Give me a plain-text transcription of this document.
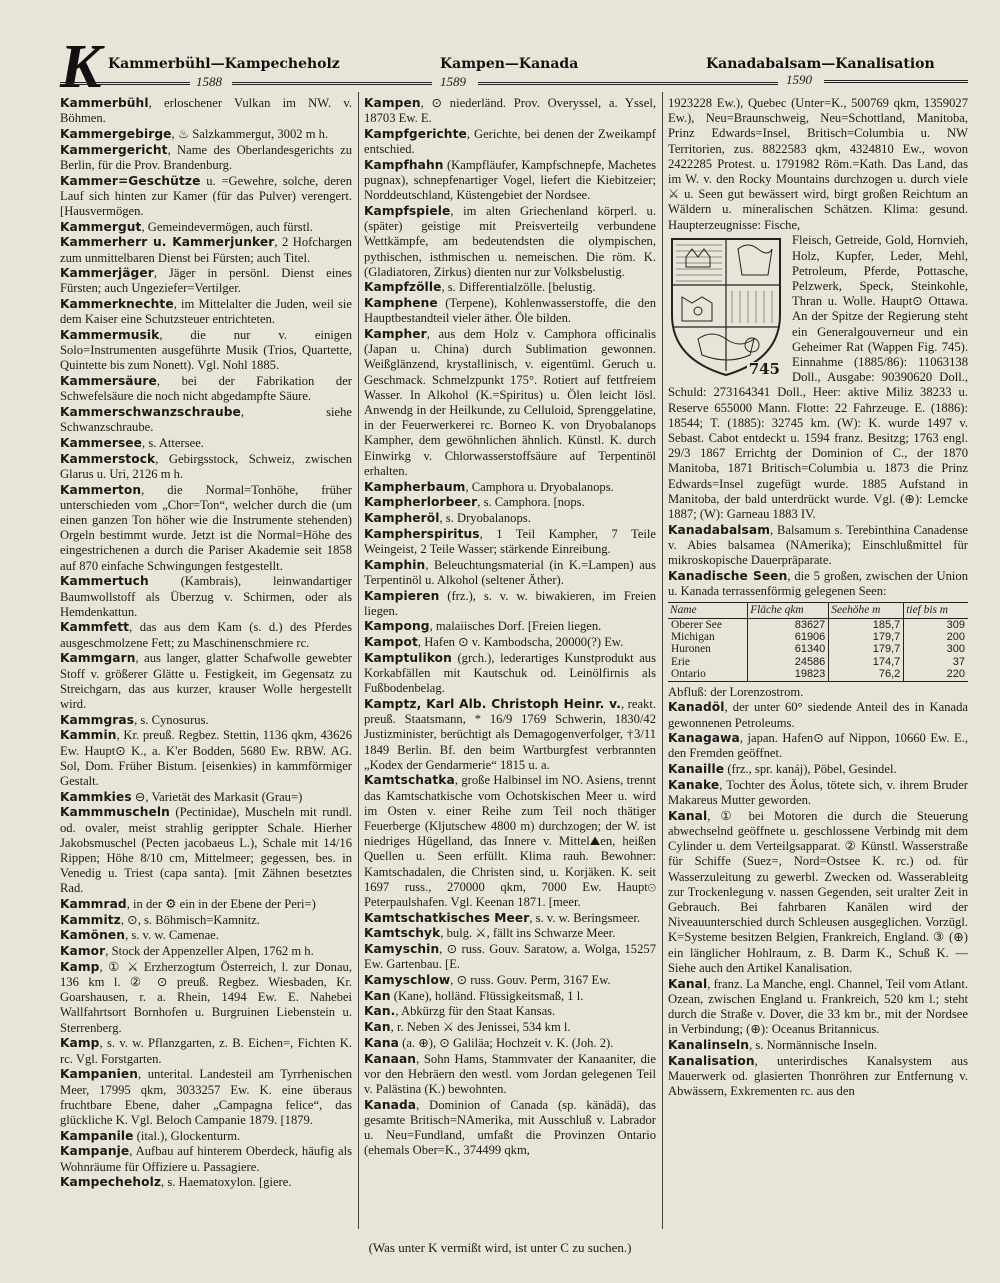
K Kammerbühl—Kampecheholz	Kampen—Kanada	Kanadabalsam—Kanalisation
1588	1589	1590

Kammerbühl, erloschener Vulkan im NW. v. Böhmen.

Kammergebirge, ♨ Salzkammergut, 3002 m h.

Kammergericht, Name des Oberlandesgerichts zu Berlin, für die Prov. Brandenburg.

Kammer=Geschütze u. =Gewehre, solche, deren Lauf sich hinten zur Kamer (für das Pulver) verengert. [Hausvermögen.

Kammergut, Gemeindevermögen, auch fürstl.

Kammerherr u. Kammerjunker, 2 Hofchargen zum unmittelbaren Dienst bei Fürsten; auch Titel.

Kammerjäger, Jäger in persönl. Dienst eines Fürsten; auch Ungeziefer=Vertilger.

Kammerknechte, im Mittelalter die Juden, weil sie dem Kaiser eine Schutzsteuer entrichteten.

Kammermusik, die nur v. einigen Solo=Instrumenten ausgeführte Musik (Trios, Quartette, Quintette bis zum Nonett). Vgl. Nohl 1885.

Kammersäure, bei der Fabrikation der Schwefelsäure die noch nicht abgedampfte Säure.

Kammerschwanzschraube, siehe Schwanzschraube.

Kammersee, s. Attersee.

Kammerstock, Gebirgsstock, Schweiz, zwischen Glarus u. Uri, 2126 m h.

Kammerton, die Normal=Tonhöhe, früher unterschieden vom „Chor=Ton“, welcher durch die (um einen ganzen Ton höher wie die Instrumente stehenden) Orgeln bestimmt wurde. Jetzt ist die Normal=Höhe des eingestrichenen a durch die Pariser Akademie seit 1858 auf 870 einfache Schwingungen festgestellt.

Kammertuch (Kambrais), leinwandartiger Baumwollstoff als Überzug v. Schirmen, oder als Hemdenkattun.

Kammfett, das aus dem Kam (s. d.) des Pferdes ausgeschmolzene Fett; zu Maschinenschmiere rc.

Kammgarn, aus langer, glatter Schafwolle gewebter Stoff v. größerer Glätte u. Festigkeit, im Gegensatz zu Streichgarn, das aus kurzer, krauser Wolle hergestellt wird.

Kammgras, s. Cynosurus.

Kammin, Kr. preuß. Regbez. Stettin, 1136 qkm, 43626 Ew. Haupt⊙ K., a. K'er Bodden, 5680 Ew. RBW. AG. Sol, Dom. Früher Bistum. [eisenkies) in kammförmiger Gestalt.

Kammkies ⊖, Varietät des Markasit (Grau=)

Kammmuscheln (Pectinidae), Muscheln mit rundl. od. ovaler, meist strahlig gerippter Schale. Hierher Jakobsmuschel (Pecten jacobaeus L.), Schale mit 14/16 Rippen; Höhe 8/10 cm, Mittelmeer; gegessen, bes. in Venedig u. Triest (capa santa). [mit Zähnen besetztes Rad.

Kammrad, in der ⚙ ein in der Ebene der Peri=)

Kammitz, ⊙, s. Böhmisch=Kamnitz.

Kamönen, s. v. w. Camenae.

Kamor, Stock der Appenzeller Alpen, 1762 m h.

Kamp, ① ⚔ Erzherzogtum Österreich, l. zur Donau, 136 km l. ② ⊙ preuß. Regbez. Wiesbaden, Kr. Goarshausen, r. a. Rhein, 1494 Ew. E. Nahebei Wallfahrtsort Bornhofen u. Burgruinen Liebenstein u. Sterrenberg.

Kamp, s. v. w. Pflanzgarten, z. B. Eichen=, Fichten K. rc. Vgl. Forstgarten.

Kampanien, unterital. Landesteil am Tyrrhenischen Meer, 17995 qkm, 3033257 Ew. K. eine überaus fruchtbare Ebene, daher „Campagna felice“, das glückliche K. Vgl. Beloch Campanie 1879. [1879.

Kampanile (ital.), Glockenturm.

Kampanje, Aufbau auf hinterem Oberdeck, häufig als Wohnräume für Offiziere u. Passagiere.

Kampecheholz, s. Haematoxylon. [giere.

Kampen, ⊙ niederländ. Prov. Overyssel, a. Yssel, 18703 Ew. E.

Kampfgerichte, Gerichte, bei denen der Zweikampf entschied.

Kampfhahn (Kampfläufer, Kampfschnepfe, Machetes pugnax), schnepfenartiger Vogel, liefert die Kiebitzeier; Norddeutschland, Küstengebiet der Nordsee.

Kampfspiele, im alten Griechenland körperl. u. (später) geistige mit Preisverteilg verbundene Wettkämpfe, am bedeutendsten die olympischen, pythischen, isthmischen u. nemeischen. Die röm. K. (Gladiatoren, Zirkus) dienten nur zur Volksbelustig.

Kampfzölle, s. Differentialzölle. [belustig.

Kamphene (Terpene), Kohlenwasserstoffe, die den Hauptbestandteil vieler äther. Öle bilden.

Kampher, aus dem Holz v. Camphora officinalis (Japan u. China) durch Sublimation gewonnen. Weißglänzend, krystallinisch, v. eigentüml. Geruch u. Geschmack. Schmelzpunkt 175°. Rotiert auf fettfreiem Wasser. In Alkohol (K.=Spiritus) u. Ölen leicht lösl. Anwendg in der Heilkunde, zu Celluloid, Sprenggelatine, in der Feuerwerkerei rc. Borneo K. von Dryobalanops Kampher, dem gewöhnlichen ähnlich. Künstl. K. durch Einwirkg v. Chlorwasserstoffsäure auf Terpentinöl erhalten.

Kampherbaum, Camphora u. Dryobalanops.

Kampherlorbeer, s. Camphora. [nops.

Kampheröl, s. Dryobalanops.

Kampherspiritus, 1 Teil Kampher, 7 Teile Weingeist, 2 Teile Wasser; stärkende Einreibung.

Kamphin, Beleuchtungsmaterial (in K.=Lampen) aus Terpentinöl u. Alkohol (seltener Äther).

Kampieren (frz.), s. v. w. biwakieren, im Freien liegen.

Kampong, malaiisches Dorf. [Freien liegen.

Kampot, Hafen ⊙ v. Kambodscha, 20000(?) Ew.

Kamptulikon (grch.), lederartiges Kunstprodukt aus Korkabfällen mit Kautschuk od. Leinölfirnis als Fußbodenbelag.

Kamptz, Karl Alb. Christoph Heinr. v., reakt. preuß. Staatsmann, * 16/9 1769 Schwerin, 1830/42 Justizminister, berüchtigt als Demagogenverfolger, †3/11 1849 Berlin. Bf. den beim Wartburgfest verbrannten „Kodex der Gendarmerie“ 1815 u. a.

Kamtschatka, große Halbinsel im NO. Asiens, trennt das Kamtschatkische vom Ochotskischen Meer u. wird im Osten v. einer Reihe zum Teil noch thätiger Feuerberge (Kljutschew 4800 m) durchzogen; der W. ist niedriges Hügelland, das Innere v. Mittel⛰en, heißen Quellen u. Seen erfüllt. Klima rauh. Bewohner: Kamtschadalen, die Christen sind, u. Korjäken. K. seit 1697 russ., 270000 qkm, 7000 Ew. Haupt⊙ Peterpaulshafen. Vgl. Keenan 1871. [meer.

Kamtschatkisches Meer, s. v. w. Beringsmeer.

Kamtschyk, bulg. ⚔, fällt ins Schwarze Meer.

Kamyschin, ⊙ russ. Gouv. Saratow, a. Wolga, 15257 Ew. Gartenbau. [E.

Kamyschlow, ⊙ russ. Gouv. Perm, 3167 Ew.

Kan (Kane), holländ. Flüssigkeitsmaß, 1 l.

Kan., Abkürzg für den Staat Kansas.

Kan, r. Neben ⚔ des Jenissei, 534 km l.

Kana (a. ⊕), ⊙ Galiläa; Hochzeit v. K. (Joh. 2).

Kanaan, Sohn Hams, Stammvater der Kanaaniter, die vor den Hebräern den westl. vom Jordan gelegenen Teil v. Palästina (K.) bewohnten.

Kanada, Dominion of Canada (sp. känädä), das gesamte Britisch=NAmerika, mit Ausschluß v. Labrador u. Neu=Fundland, umfaßt die Provinzen Ontario (ehemals Ober=K., 374499 qkm,

1923228 Ew.), Quebec (Unter=K., 500769 qkm, 1359027 Ew.), Neu=Braunschweig, Neu=Schottland, Manitoba, Prinz Edwards=Insel, Britisch=Columbia u. NW Territorien, zus. 8822583 qkm, 4324810 Ew., wovon 2422285 Protest. u. 1791982 Röm.=Kath. Das Land, das im W. v. den Rocky Mountains durchzogen u. durch viele ⚔ u. Seen gut bewässert wird, birgt großen Reichtum an Wäldern u. mineralischen Schätzen. Klima: gesund. Haupterzeugnisse: Fische,

745

Fleisch, Getreide, Gold, Hornvieh, Holz, Kupfer, Leder, Mehl, Petroleum, Pferde, Pottasche, Pelzwerk, Speck, Steinkohle, Thran u. Wolle. Haupt⊙ Ottawa. An der Spitze der Regierung steht ein Generalgouverneur und ein Geheimer Rat (Wappen Fig. 745). Einnahme (1885/86): 11063138 Doll., Ausgabe: 90390620 Doll., Schuld: 273164341 Doll., Heer: aktive Miliz 38233 u. Reserve 655000 Mann. Flotte: 22 Fahrzeuge. E. (1886): 18544; T. (1885): 32745 km. (W): K. wurde 1497 v. Sebast. Cabot entdeckt u. 1594 franz. Besitzg; 1763 engl. 29/3 1867 Errichtg der Dominion of C., der 1870 Manitoba, 1871 Britisch=Columbia u. 1873 die Prinz Edwards=Insel zugefügt wurde. 1885 Aufstand in Manitoba, der bald unterdrückt wurde. Vgl. (⊕): Lemcke 1887; (W): Garneau 1883 IV.

Kanadabalsam, Balsamum s. Terebinthina Canadense v. Abies balsamea (NAmerika); Einschlußmittel für mikroskopische Dauerpräparate.

Kanadische Seen, die 5 großen, zwischen der Union u. Kanada terrassenförmig gelegenen Seen:

Name	Fläche qkm	Seehöhe m	tief bis m
Oberer See	83627	185,7	309
Michigan	61906	179,7	200
Huronen	61340	179,7	300
Erie	24586	174,7	37
Ontario	19823	76,2	220

Abfluß: der Lorenzostrom.

Kanadöl, der unter 60° siedende Anteil des in Kanada gewonnenen Petroleums.

Kanagawa, japan. Hafen⊙ auf Nippon, 10660 Ew. E., den Fremden geöffnet.

Kanaille (frz., spr. kanáj), Pöbel, Gesindel.

Kanake, Tochter des Äolus, tötete sich, v. ihrem Bruder Makareus Mutter geworden.

Kanal, ① bei Motoren die durch die Steuerung abwechselnd geöffnete u. geschlossene Verbindg mit dem Cylinder u. dem Verteilgsapparat. ② Künstl. Wasserstraße für Schiffe (Suez=, Nord=Ostsee K. rc.) od. für Wasserzuleitung zu gewerbl. Zwecken od. Wasserableitg zur Trockenlegung v. nassen Gegenden, seit uralter Zeit in Gebrauch. Bei fahrbaren Kanälen wird der Niveauunterschied durch Schleusen ausgeglichen. Vorzügl. K=Systeme besitzen Belgien, Frankreich, England. ③ (⊕) ein länglicher Hohlraum, z. B. Darm K., Schuß K. — Siehe auch den Artikel Kanalisation.

Kanal, franz. La Manche, engl. Channel, Teil vom Atlant. Ozean, zwischen England u. Frankreich, 520 km l.; steht durch die Straße v. Dover, die 33 km br., mit der Nordsee in Verbindung; (⊕): Oceanus Britannicus.

Kanalinseln, s. Normännische Inseln.

Kanalisation, unterirdisches Kanalsystem aus Mauerwerk od. glasierten Thonröhren zur Entfernung v. Abwässern, Exkrementen rc. aus den

(Was unter K vermißt wird, ist unter C zu suchen.)
